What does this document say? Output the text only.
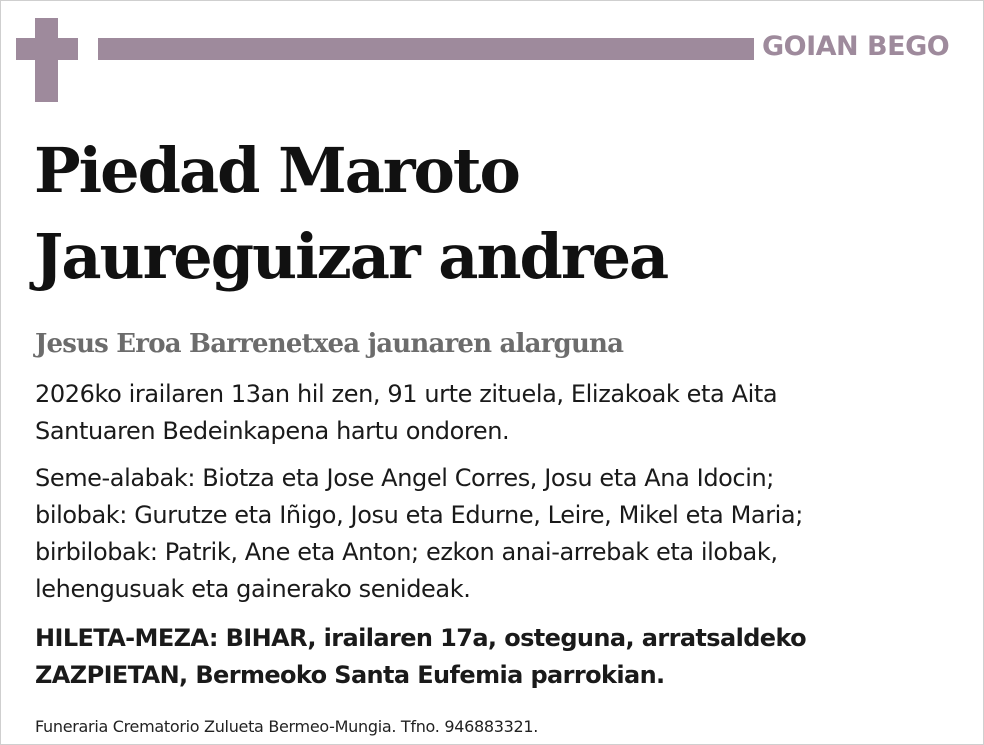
GOIAN BEGO
Piedad Maroto
Jaureguizar andrea
Jesus Eroa Barrenetxea jaunaren alarguna
2026ko irailaren 13an hil zen, 91 urte zituela, Elizakoak eta Aita
Santuaren Bedeinkapena hartu ondoren.
Seme-alabak: Biotza eta Jose Angel Corres, Josu eta Ana Idocin;
bilobak: Gurutze eta Iñigo, Josu eta Edurne, Leire, Mikel eta Maria;
birbilobak: Patrik, Ane eta Anton; ezkon anai-arrebak eta ilobak,
lehengusuak eta gainerako senideak.
HILETA-MEZA: BIHAR, irailaren 17a, osteguna, arratsaldeko
ZAZPIETAN, Bermeoko Santa Eufemia parrokian.
Funeraria Crematorio Zulueta Bermeo-Mungia. Tfno. 946883321.
